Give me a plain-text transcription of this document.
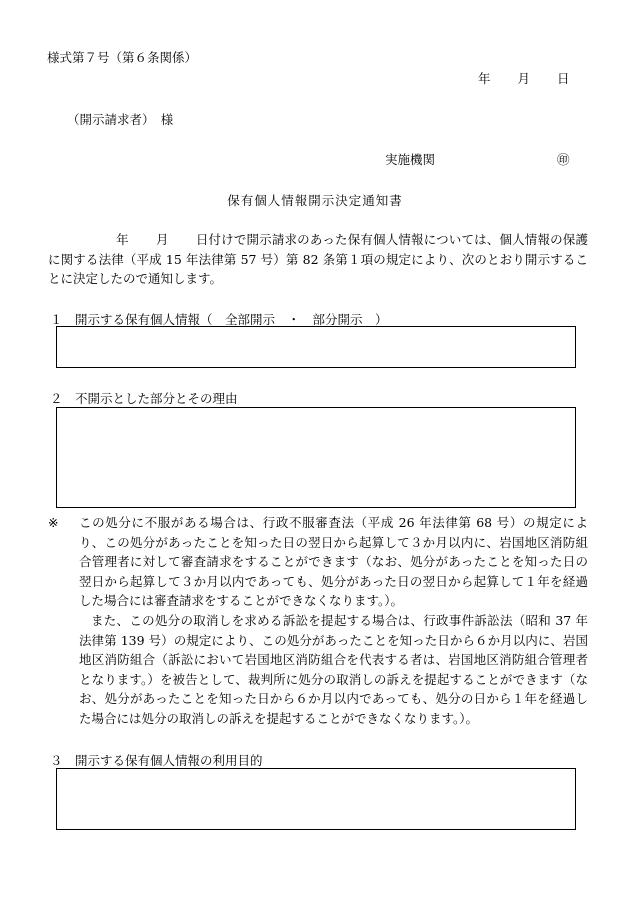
様式第７号（第６条関係）
年 月 日
（開示請求者）　様
実施機関	㊞
保有個人情報開示決定通知書
年 月 日付けで開示請求のあった保有個人情報については、個人情報の保護に関する法律（平成 15 年法律第 57 号）第 82 条第１項の規定により、次のとおり開示することに決定したので通知します。
１　開示する保有個人情報（　全部開示　・　部分開示　）
２　不開示とした部分とその理由
※ この処分に不服がある場合は、行政不服審査法（平成 26 年法律第 68 号）の規定により、この処分があったことを知った日の翌日から起算して３か月以内に、岩国地区消防組合管理者に対して審査請求をすることができます（なお、処分があったことを知った日の翌日から起算して３か月以内であっても、処分があった日の翌日から起算して１年を経過した場合には審査請求をすることができなくなります。）。
また、この処分の取消しを求める訴訟を提起する場合は、行政事件訴訟法（昭和 37 年法律第 139 号）の規定により、この処分があったことを知った日から６か月以内に、岩国地区消防組合（訴訟において岩国地区消防組合を代表する者は、岩国地区消防組合管理者となります。）を被告として、裁判所に処分の取消しの訴えを提起することができます（なお、処分があったことを知った日から６か月以内であっても、処分の日から１年を経過した場合には処分の取消しの訴えを提起することができなくなります。）。
３　開示する保有個人情報の利用目的
